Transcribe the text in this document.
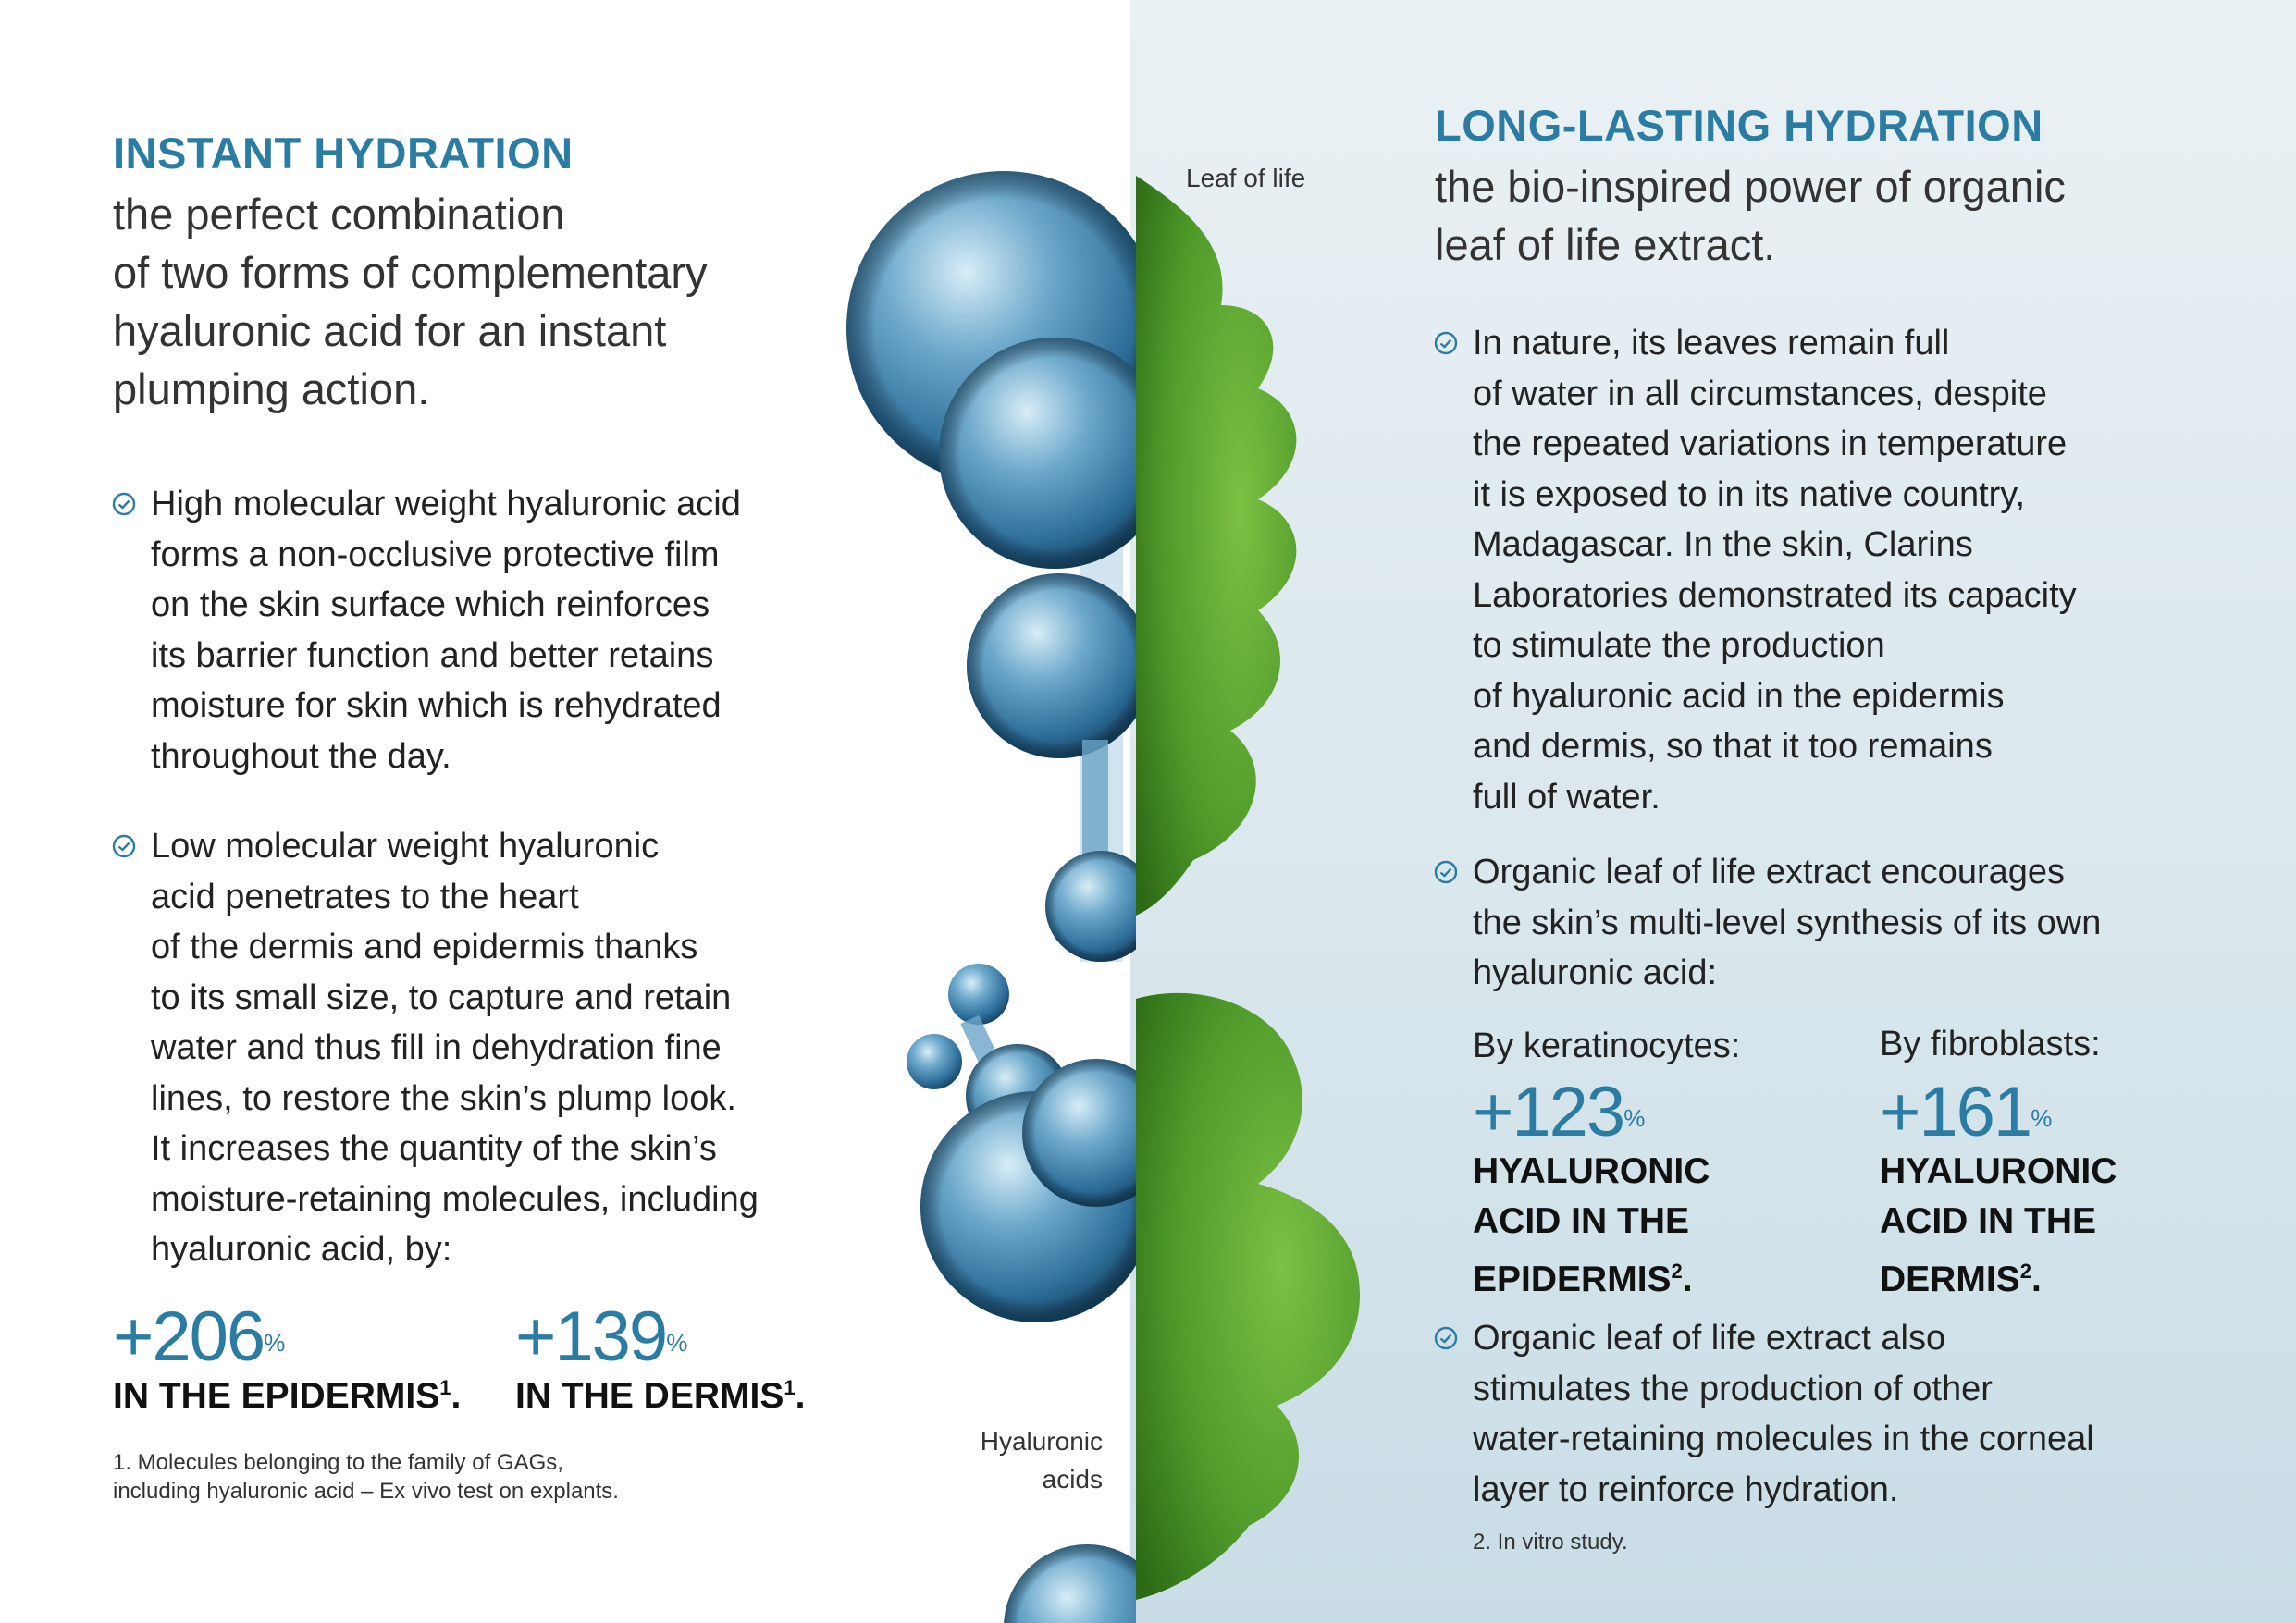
INSTANT HYDRATION
the perfect combination
of two forms of complementary
hyaluronic acid for an instant
plumping action.

High molecular weight hyaluronic acid
forms a non-occlusive protective film
on the skin surface which reinforces
its barrier function and better retains
moisture for skin which is rehydrated
throughout the day.

Low molecular weight hyaluronic
acid penetrates to the heart
of the dermis and epidermis thanks
to its small size, to capture and retain
water and thus fill in dehydration fine
lines, to restore the skin’s plump look.
It increases the quantity of the skin’s
moisture-retaining molecules, including
hyaluronic acid, by:

+206%
IN THE $EPIDERMIS^1$.
+139%
IN THE DERMIS$^1$.
1. Molecules belonging to the family of GAGs,
including hyaluronic acid – Ex vivo test on explants.
Leaf of life
Hyaluronic
acids
LONG-LASTING HYDRATION
the bio-inspired power of organic
leaf of life extract.

In nature, its leaves remain full
of water in all circumstances, despite
the repeated variations in temperature
it is exposed to in its native country,
Madagascar. In the skin, Clarins
Laboratories demonstrated its capacity
to stimulate the production
of hyaluronic acid in the epidermis
and dermis, so that it too remains
full of water.

Organic leaf of life extract encourages
the skin’s multi-level synthesis of its own
hyaluronic acid:

By keratinocytes:
+123%
HYALURONIC
ACID IN THE
EPIDERMIS$^2$.
By fibroblasts:
+161%
HYALURONIC
ACID IN THE
DERMIS$^2$.

Organic leaf of life extract also
stimulates the production of other
water-retaining molecules in the corneal
layer to reinforce hydration.

2. In vitro study.
